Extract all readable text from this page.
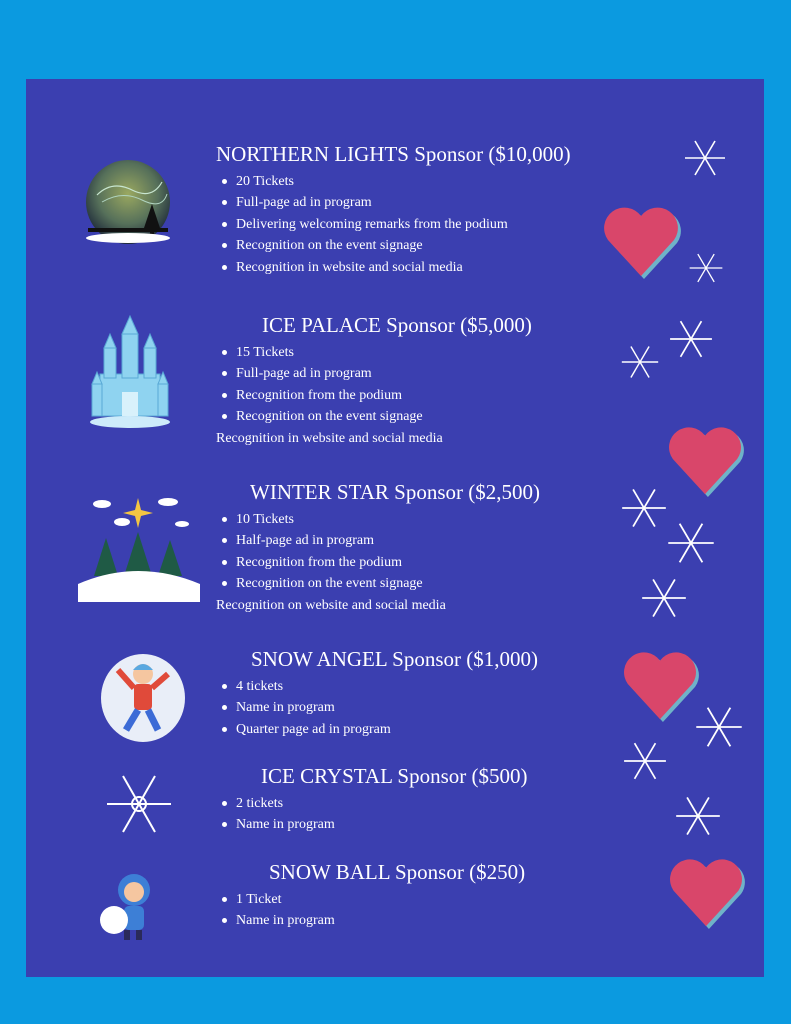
NORTHERN LIGHTS Sponsor ($10,000)
20 Tickets
Full-page ad in program
Delivering welcoming remarks from the podium
Recognition on the event signage
Recognition in website and social media
ICE PALACE Sponsor ($5,000)
15 Tickets
Full-page ad in program
Recognition from the podium
Recognition on the event signage
Recognition in website and social media
WINTER STAR Sponsor ($2,500)
10 Tickets
Half-page ad in program
Recognition from the podium
Recognition on the event signage
Recognition on website and social media
SNOW ANGEL Sponsor ($1,000)
4 tickets
Name in program
Quarter page ad in program
ICE CRYSTAL Sponsor ($500)
2 tickets
Name in program
SNOW BALL Sponsor ($250)
1 Ticket
Name in program
